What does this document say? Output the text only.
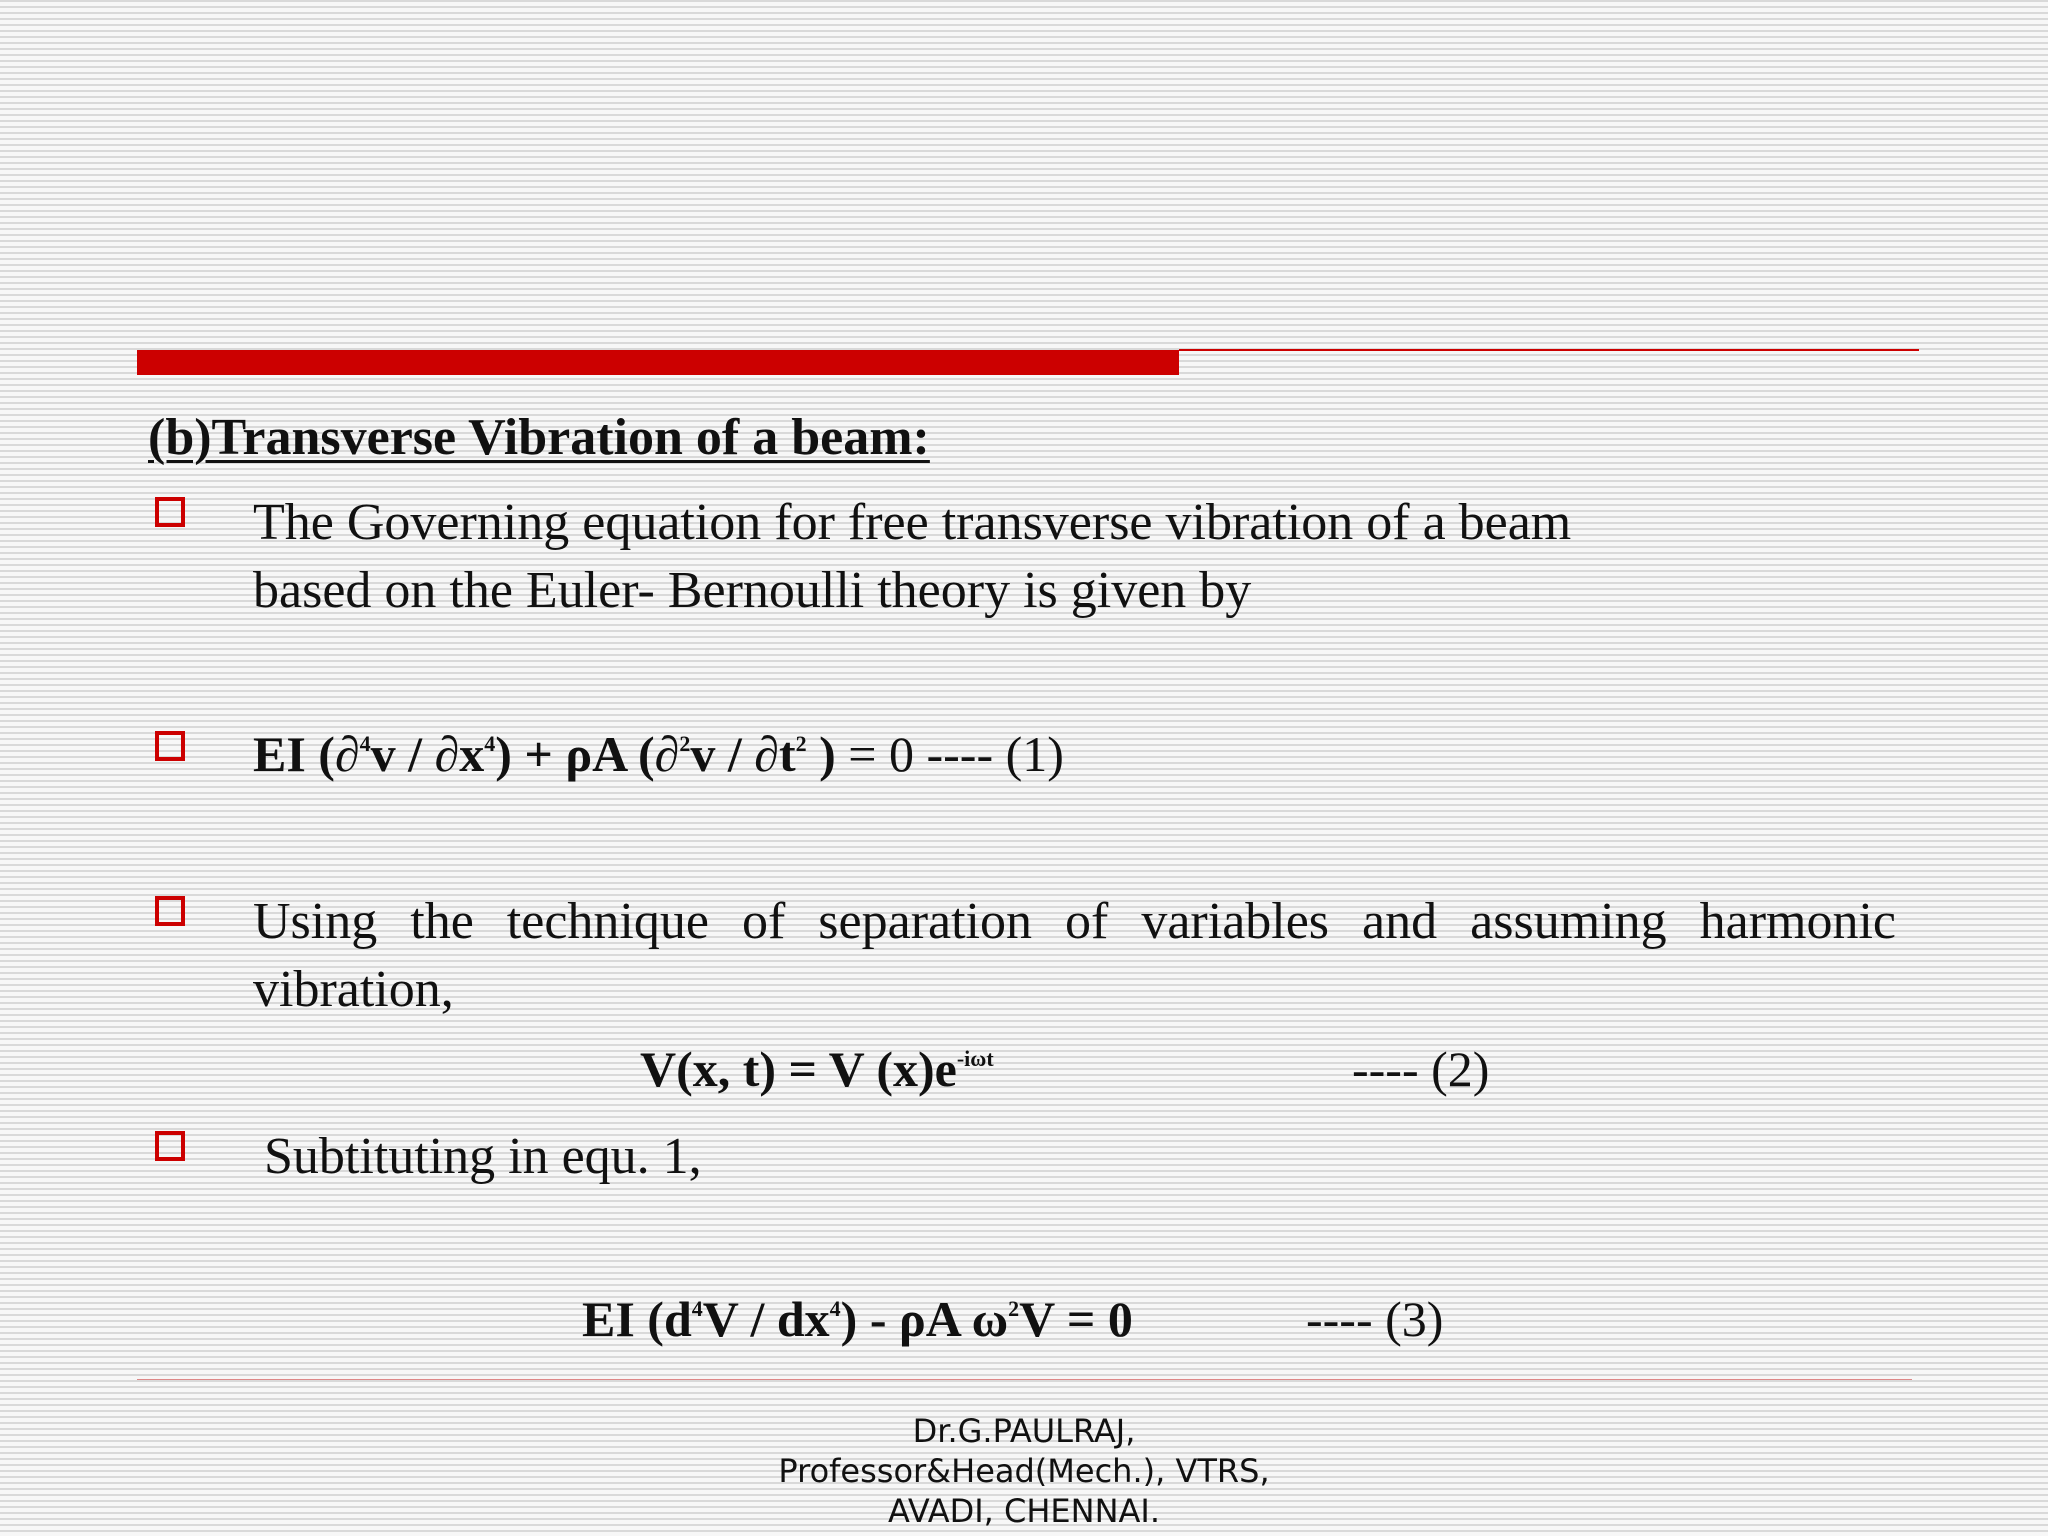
(b)Transverse Vibration of a beam:
The Governing equation for free transverse vibration of a beam
based on the Euler- Bernoulli theory is given by
EI $(\partial^4v / \partial x^4) + \rho A$ ($\partial^2v / \partial t^2$ ) = 0 ---- (1)
Using the technique of separation of variables and assuming harmonic vibration,
V(x, t) = V $(x)e^{-i\omega t}$	---- (2)
Subtituting in equ. 1,
EI $(d^4V / dx^4)$ - ρA $\omega^2V = 0$	---- (3)
Dr.G.PAULRAJ,
Professor&Head(Mech.), VTRS,
AVADI, CHENNAI.
